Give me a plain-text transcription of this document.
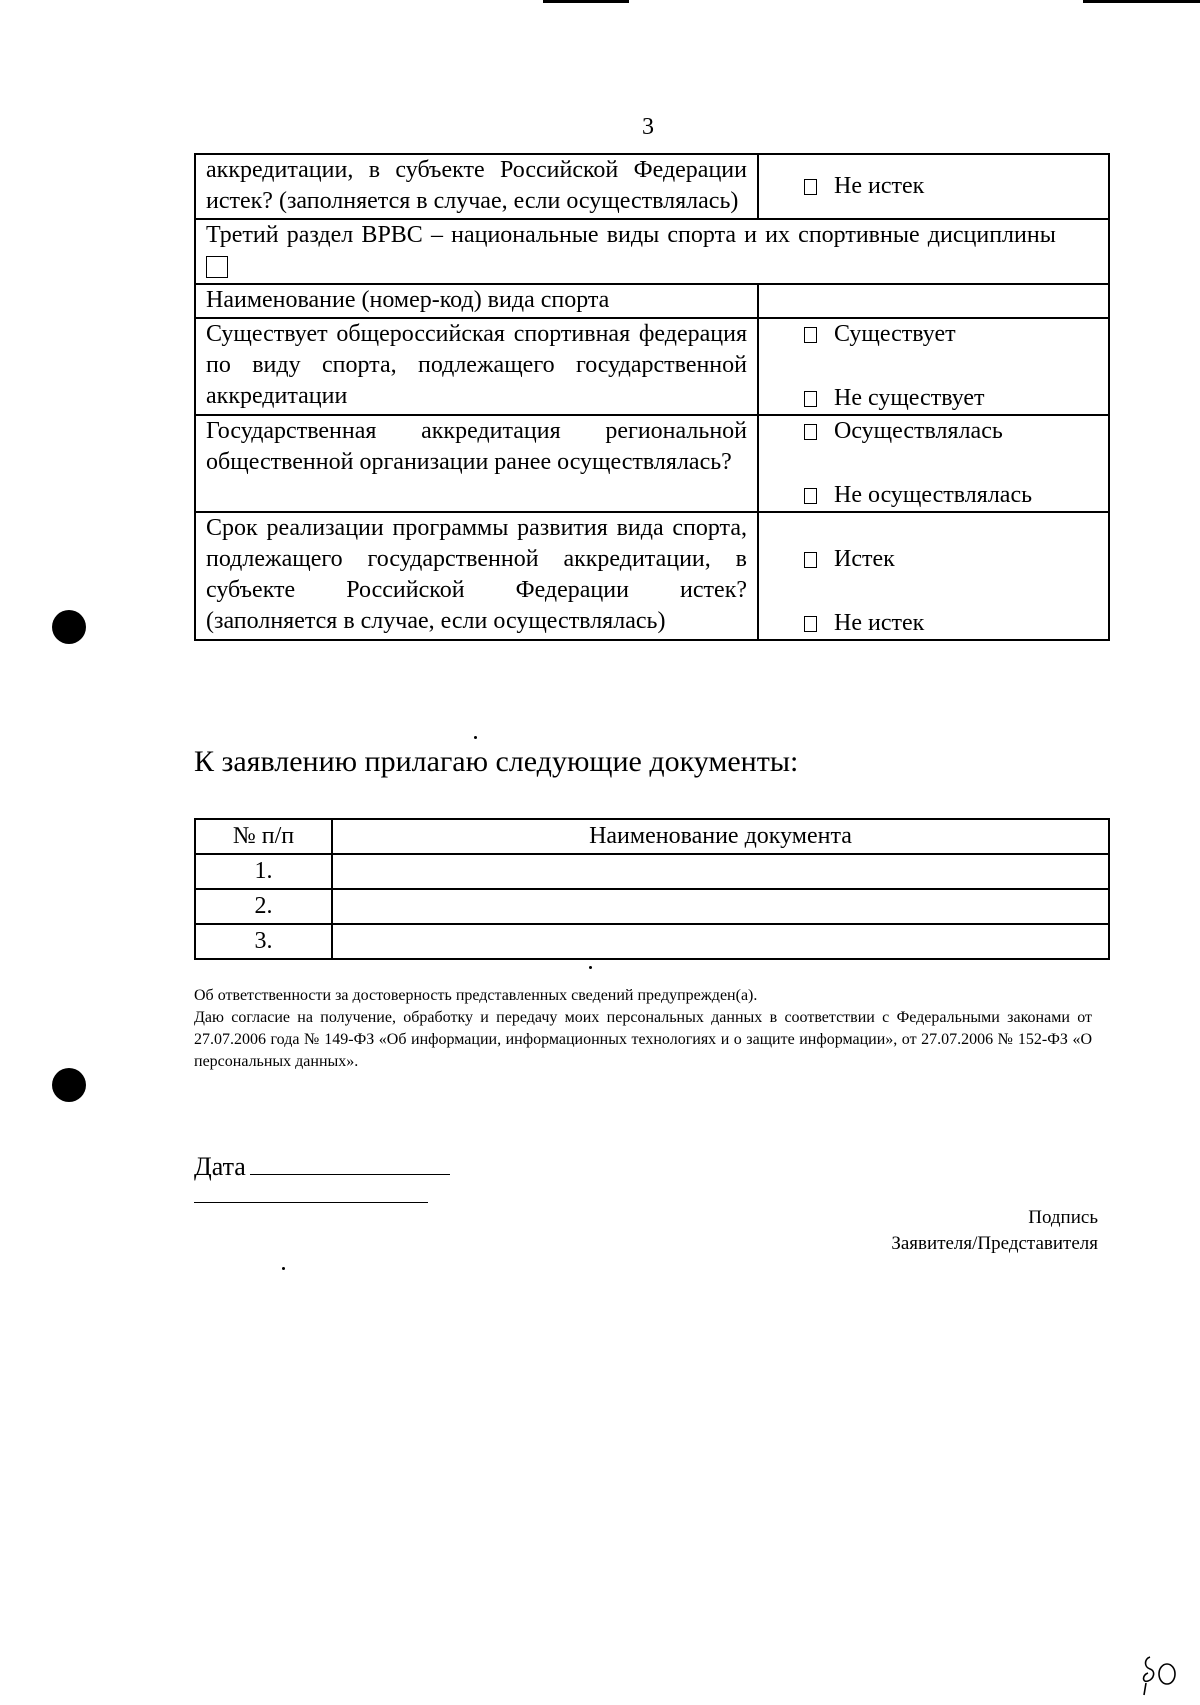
3
аккредитации, в субъекте Российской Федерации истек? (заполняется в случае, если осуществлялась)	Не истек

Третий раздел ВРВС – национальные виды спорта и их спортивные дисциплины	
Наименование (номер-код) вида спорта	
Существует общероссийская спортивная федерация по виду спорта, подлежащего государственной аккредитации	Существует
Не существует

Государственная аккредитация региональной общественной организации ранее осуществлялась?	Осуществлялась
Не осуществлялась

Срок реализации программы развития вида спорта, подлежащего государственной аккредитации, в субъекте Российской Федерации истек? (заполняется в случае, если осуществлялась)	Истек
Не истек
К заявлению прилагаю следующие документы:
№ п/п	Наименование документа
1.	
2.	
3.	

Об ответственности за достоверность представленных сведений предупрежден(а).

Даю согласие на получение, обработку и передачу моих персональных данных в соответствии с Федеральными законами от 27.07.2006 года № 149-ФЗ «Об информации, информационных технологиях и о защите информации», от 27.07.2006 № 152-ФЗ «О персональных данных».

Дата
Подпись
Заявителя/Представителя
